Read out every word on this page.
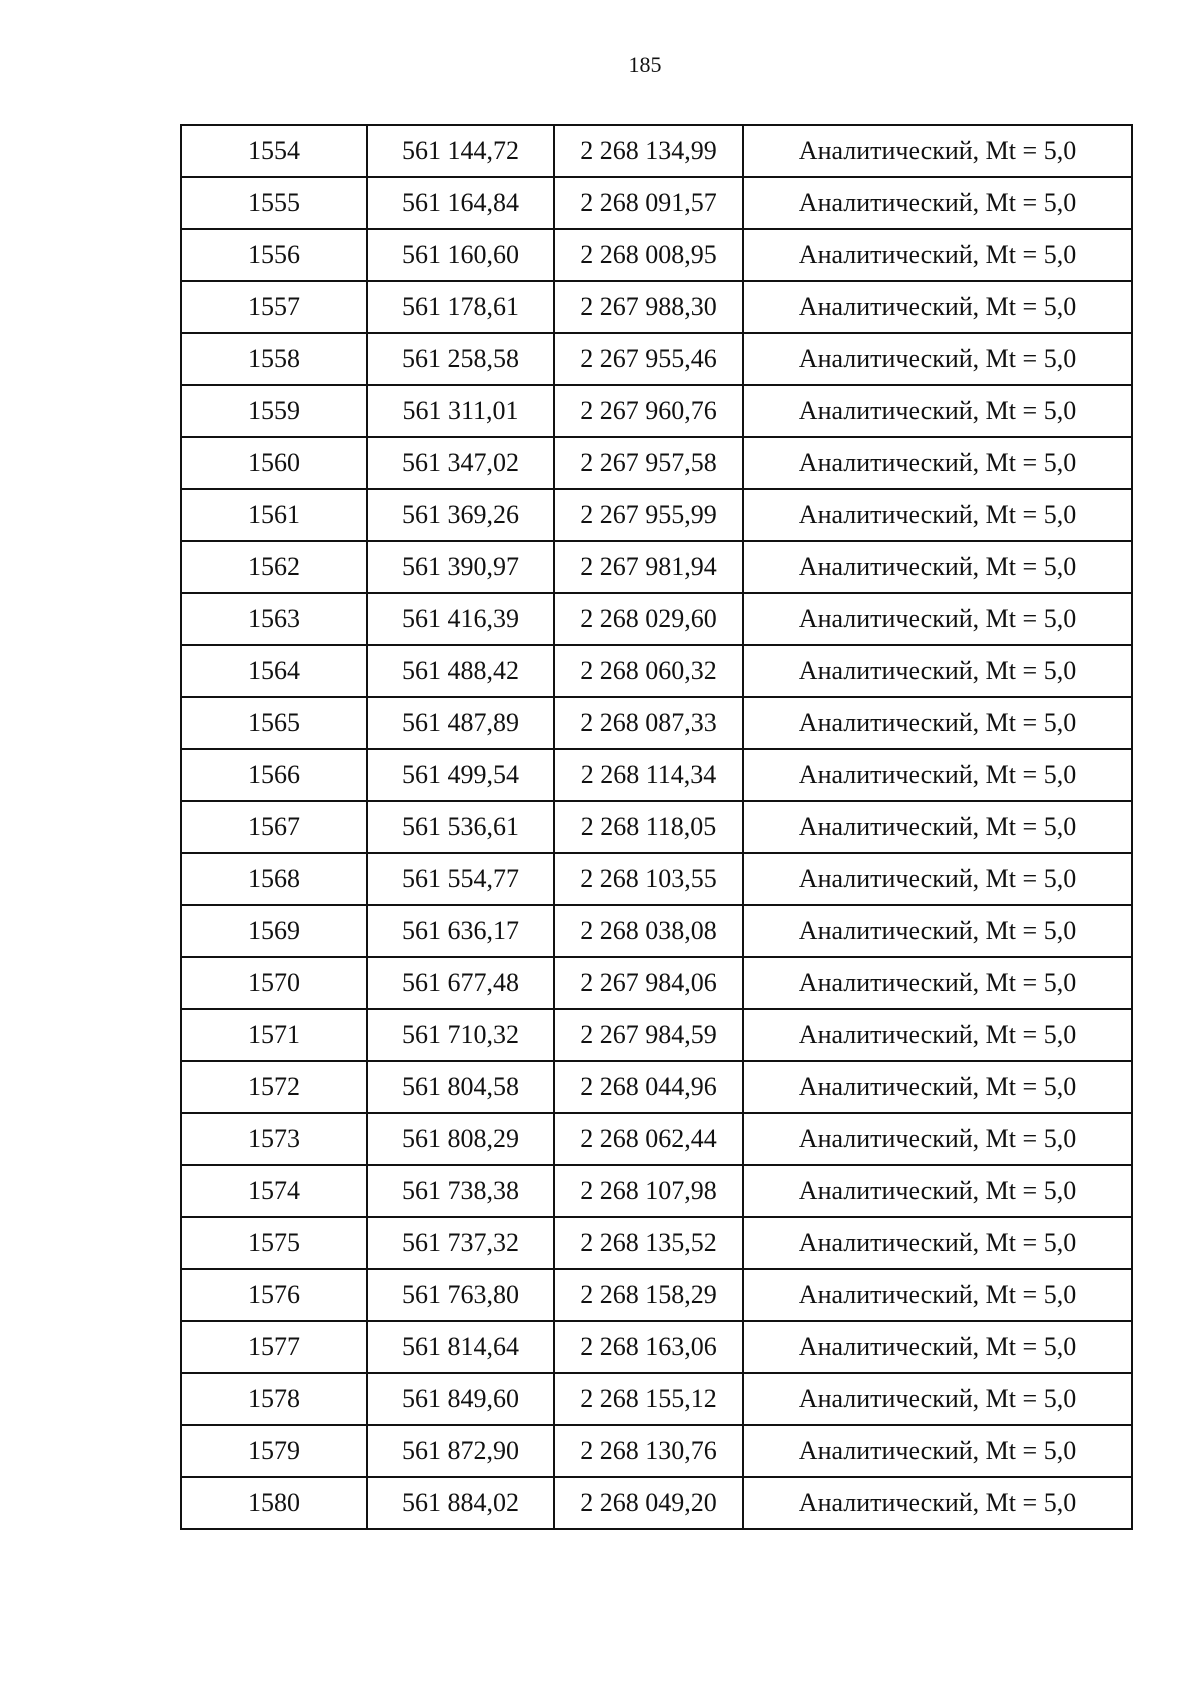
185
1554	561 144,72	2 268 134,99	Аналитический, Mt = 5,0
1555	561 164,84	2 268 091,57	Аналитический, Mt = 5,0
1556	561 160,60	2 268 008,95	Аналитический, Mt = 5,0
1557	561 178,61	2 267 988,30	Аналитический, Mt = 5,0
1558	561 258,58	2 267 955,46	Аналитический, Mt = 5,0
1559	561 311,01	2 267 960,76	Аналитический, Mt = 5,0
1560	561 347,02	2 267 957,58	Аналитический, Mt = 5,0
1561	561 369,26	2 267 955,99	Аналитический, Mt = 5,0
1562	561 390,97	2 267 981,94	Аналитический, Mt = 5,0
1563	561 416,39	2 268 029,60	Аналитический, Mt = 5,0
1564	561 488,42	2 268 060,32	Аналитический, Mt = 5,0
1565	561 487,89	2 268 087,33	Аналитический, Mt = 5,0
1566	561 499,54	2 268 114,34	Аналитический, Mt = 5,0
1567	561 536,61	2 268 118,05	Аналитический, Mt = 5,0
1568	561 554,77	2 268 103,55	Аналитический, Mt = 5,0
1569	561 636,17	2 268 038,08	Аналитический, Mt = 5,0
1570	561 677,48	2 267 984,06	Аналитический, Mt = 5,0
1571	561 710,32	2 267 984,59	Аналитический, Mt = 5,0
1572	561 804,58	2 268 044,96	Аналитический, Mt = 5,0
1573	561 808,29	2 268 062,44	Аналитический, Mt = 5,0
1574	561 738,38	2 268 107,98	Аналитический, Mt = 5,0
1575	561 737,32	2 268 135,52	Аналитический, Mt = 5,0
1576	561 763,80	2 268 158,29	Аналитический, Mt = 5,0
1577	561 814,64	2 268 163,06	Аналитический, Mt = 5,0
1578	561 849,60	2 268 155,12	Аналитический, Mt = 5,0
1579	561 872,90	2 268 130,76	Аналитический, Mt = 5,0
1580	561 884,02	2 268 049,20	Аналитический, Mt = 5,0
